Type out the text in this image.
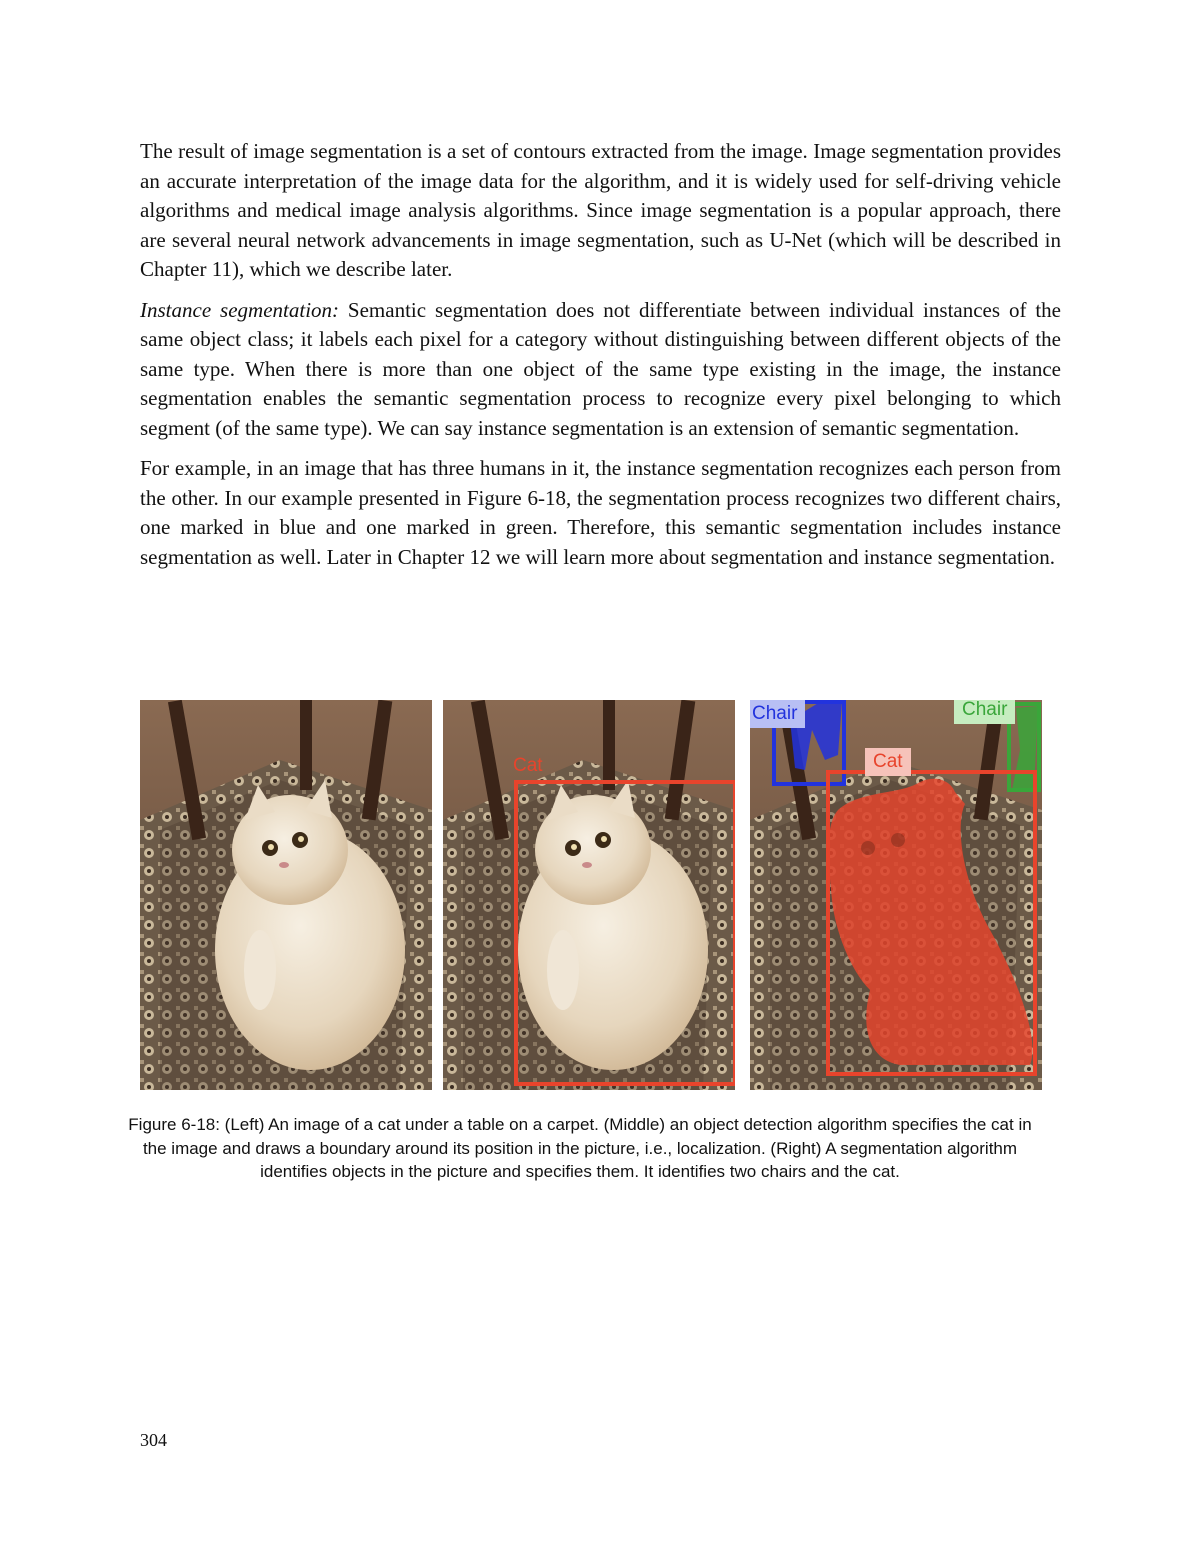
The result of image segmentation is a set of contours extracted from the image. Image segmentation provides an accurate interpretation of the image data for the algorithm, and it is widely used for self-driving vehicle algorithms and medical image analysis algorithms. Since image segmentation is a popular approach, there are several neural network advancements in image segmentation, such as U-Net (which will be described in Chapter 11), which we describe later.

Instance segmentation: Semantic segmentation does not differentiate between individual instances of the same object class; it labels each pixel for a category without distinguishing between different objects of the same type. When there is more than one object of the same type existing in the image, the instance segmentation enables the semantic segmentation process to recognize every pixel belonging to which segment (of the same type). We can say instance segmentation is an extension of semantic segmentation.

For example, in an image that has three humans in it, the instance segmentation recognizes each person from the other. In our example presented in Figure 6-18, the segmentation process recognizes two different chairs, one marked in blue and one marked in green. Therefore, this semantic segmentation includes instance segmentation as well. Later in Chapter 12 we will learn more about segmentation and instance segmentation.

Cat
Chair	Chair
Cat
Figure 6-18: (Left) An image of a cat under a table on a carpet. (Middle) an object detection algorithm specifies the cat in the image and draws a boundary around its position in the picture, i.e., localization. (Right) A segmentation algorithm identifies objects in the picture and specifies them. It identifies two chairs and the cat.
304
